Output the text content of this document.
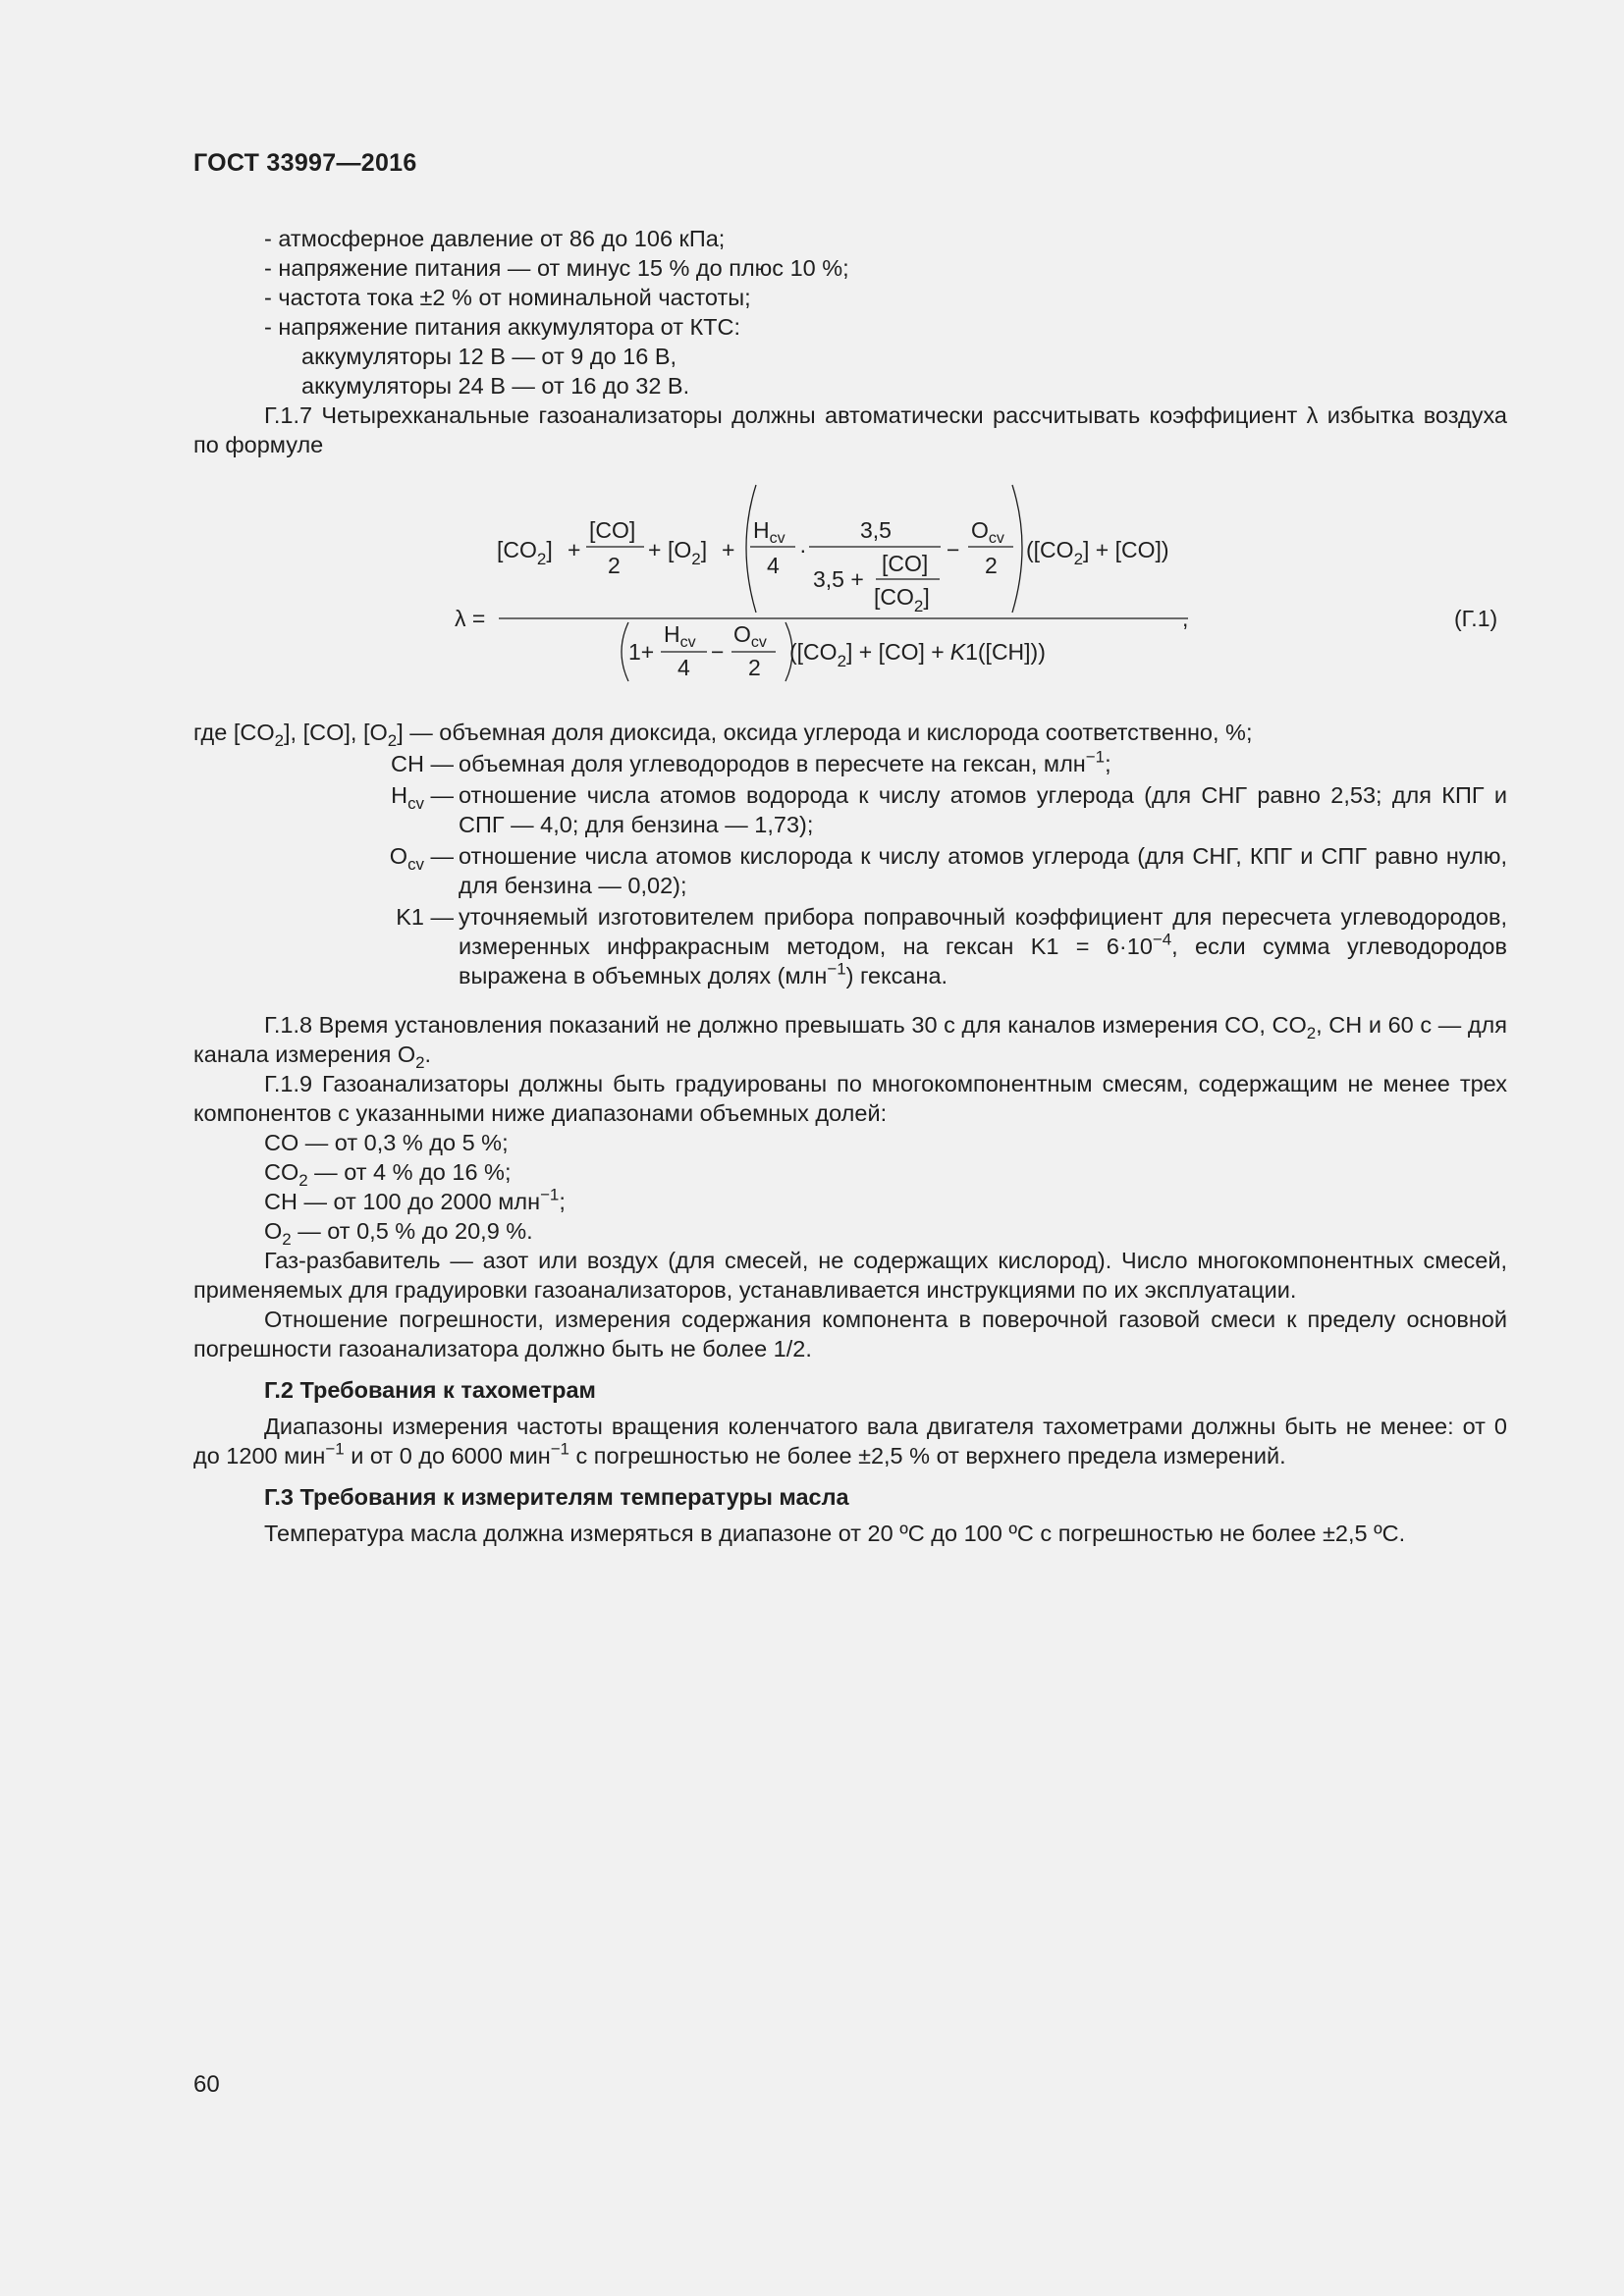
ГОСТ 33997—2016

- атмосферное давление от 86 до 106 кПа;

- напряжение питания — от минус 15 % до плюс 10 %;

- частота тока ±2 % от номинальной частоты;

- напряжение питания аккумулятора от КТС:

аккумуляторы 12 В — от 9 до 16 В,

аккумуляторы 24 В — от 16 до 32 В.

Г.1.7 Четырехканальные газоанализаторы должны автоматически рассчитывать коэффициент λ избытка воздуха по формуле

λ =	,	(Г.1)
$[CO_2]$ +
[CO]
2
+ $[O_2]$ +
$H_{cv}$
4
·
3,5
3,5 +
[CO]
$[CO_2]$
−
$O_{cv}$
2
$([CO_2] + [CO])$
1+
$H_{cv}$
4
−
$O_{cv}$
2
$([CO_2] + [CO] + K1([CH]))$

где $[CO_2]$, [CO], $[O_2]$ — объемная доля диоксида, оксида углерода и кислорода соответственно, %;

CH — объемная доля углеводородов в пересчете на гексан, млн$^{-1}$;
$H_{cv}$ — отношение числа атомов водорода к числу атомов углерода (для СНГ равно 2,53; для КПГ и СПГ — 4,0; для бензина — 1,73);
$O_{cv}$ — отношение числа атомов кислорода к числу атомов углерода (для СНГ, КПГ и СПГ равно нулю, для бензина — 0,02);
K1 — уточняемый изготовителем прибора поправочный коэффициент для пересчета углеводородов, измеренных инфракрасным методом, на гексан $K1 = 6\cdot 10^{-4}$, если сумма углеводородов выражена в объемных долях (млн$^{-1}$) гексана.

Г.1.8 Время установления показаний не должно превышать 30 с для каналов измерения CO, $CO_2$, CH и 60 с — для канала измерения $O_2$.

Г.1.9 Газоанализаторы должны быть градуированы по многокомпонентным смесям, содержащим не менее трех компонентов с указанными ниже диапазонами объемных долей:

CO — от 0,3 % до 5 %;

$CO_2$ — от 4 % до 16 %;

CH — от 100 до 2000 млн$^{-1}$;

$O_2$ — от 0,5 % до 20,9 %.

Газ-разбавитель — азот или воздух (для смесей, не содержащих кислород). Число многокомпонентных смесей, применяемых для градуировки газоанализаторов, устанавливается инструкциями по их эксплуатации.

Отношение погрешности, измерения содержания компонента в поверочной газовой смеси к пределу основной погрешности газоанализатора должно быть не более 1/2.

Г.2 Требования к тахометрам

Диапазоны измерения частоты вращения коленчатого вала двигателя тахометрами должны быть не менее: от 0 до 1200 мин$^{-1}$ и от 0 до 6000 мин$^{-1}$ с погрешностью не более ±2,5 % от верхнего предела измерений.

Г.3 Требования к измерителям температуры масла

Температура масла должна измеряться в диапазоне от 20 ºС до 100 ºС с погрешностью не более ±2,5 ºС.

60
